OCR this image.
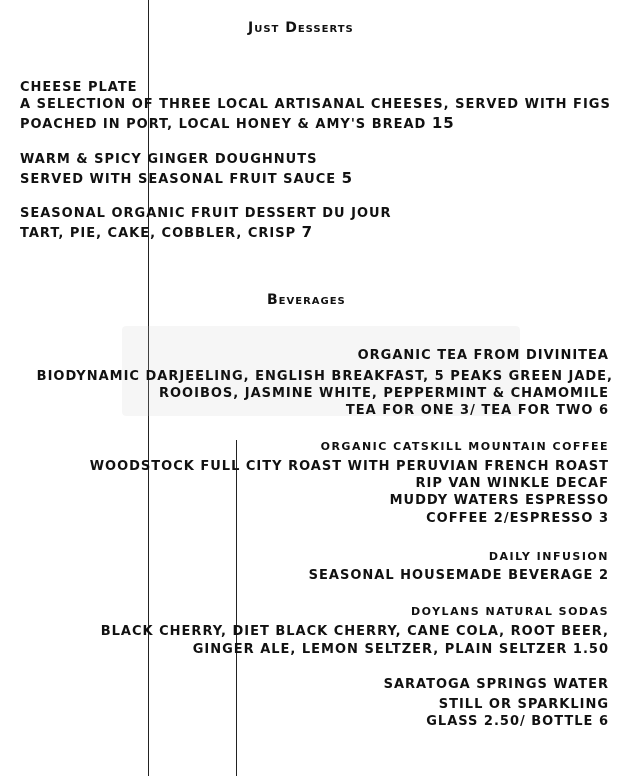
Just Desserts
CHEESE PLATE
A SELECTION OF THREE LOCAL ARTISANAL CHEESES, SERVED WITH FIGS
POACHED IN PORT, LOCAL HONEY & AMY'S BREAD 15
WARM & SPICY GINGER DOUGHNUTS
SERVED WITH SEASONAL FRUIT SAUCE 5
SEASONAL ORGANIC FRUIT DESSERT DU JOUR
TART, PIE, CAKE, COBBLER, CRISP 7
Beverages
ORGANIC TEA FROM DIVINITEA
BIODYNAMIC DARJEELING, ENGLISH BREAKFAST, 5 PEAKS GREEN JADE,
ROOIBOS, JASMINE WHITE, PEPPERMINT & CHAMOMILE
TEA FOR ONE 3/ TEA FOR TWO 6
ORGANIC CATSKILL MOUNTAIN COFFEE
WOODSTOCK FULL CITY ROAST WITH PERUVIAN FRENCH ROAST
RIP VAN WINKLE DECAF
MUDDY WATERS ESPRESSO
COFFEE 2/ESPRESSO 3
DAILY INFUSION
SEASONAL HOUSEMADE BEVERAGE 2
DOYLANS NATURAL SODAS
BLACK CHERRY, DIET BLACK CHERRY, CANE COLA, ROOT BEER,
GINGER ALE, LEMON SELTZER, PLAIN SELTZER 1.50
SARATOGA SPRINGS WATER
STILL OR SPARKLING
GLASS 2.50/ BOTTLE 6
